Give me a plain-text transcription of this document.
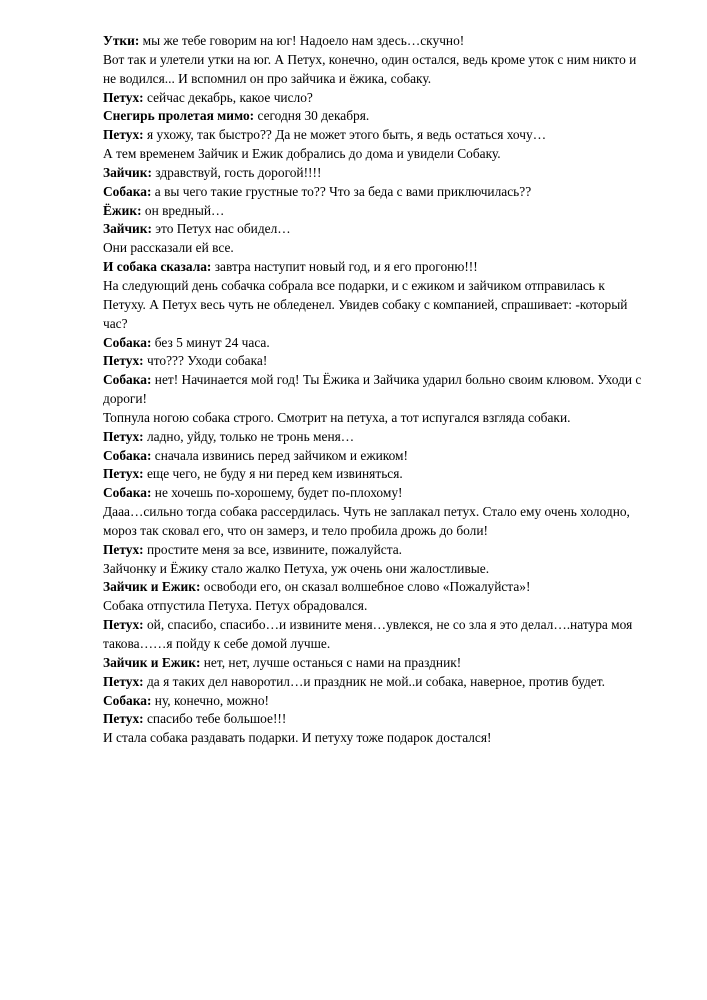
Утки: мы же тебе говорим на юг! Надоело нам здесь…скучно!

Вот так и улетели утки на юг. А Петух, конечно, один остался, ведь кроме уток с ним никто и не водился... И вспомнил он про зайчика и ёжика, собаку.

Петух: сейчас декабрь, какое число?

Снегирь пролетая мимо: сегодня 30 декабря.

Петух: я ухожу, так быстро?? Да не может этого быть, я ведь остаться хочу…

А тем временем Зайчик и Ежик добрались до дома и увидели Собаку.

Зайчик: здравствуй, гость дорогой!!!!

Собака: а вы чего такие грустные то?? Что за беда с вами приключилась??

Ёжик: он вредный…

Зайчик: это Петух нас обидел…

Они рассказали ей все.

И собака сказала: завтра наступит новый год, и я его прогоню!!!

На следующий день собачка собрала все подарки, и с ежиком и зайчиком отправилась к Петуху. А Петух весь чуть не обледенел. Увидев собаку с компанией, спрашивает: -который час?

Собака: без 5 минут 24 часа.

Петух: что??? Уходи собака!

Собака: нет! Начинается мой год! Ты Ёжика и Зайчика ударил больно своим клювом. Уходи с дороги!

Топнула ногою собака строго. Смотрит на петуха, а тот испугался взгляда собаки.

Петух: ладно, уйду, только не тронь меня…

Собака: сначала извинись перед зайчиком и ежиком!

Петух: еще чего, не буду я ни перед кем извиняться.

Собака: не хочешь по-хорошему, будет по-плохому!

Дааа…сильно тогда собака рассердилась. Чуть не заплакал петух. Стало ему очень холодно, мороз так сковал его, что он замерз, и тело пробила дрожь до боли!

Петух: простите меня за все, извините, пожалуйста.

Зайчонку и Ёжику стало жалко Петуха, уж очень они жалостливые.

Зайчик и Ежик: освободи его, он сказал волшебное слово «Пожалуйста»!

Собака отпустила Петуха. Петух обрадовался.

Петух: ой, спасибо, спасибо…и извините меня…увлекся, не со зла я это делал….натура моя такова……я пойду к себе домой лучше.

Зайчик и Ежик: нет, нет, лучше останься с нами на праздник!

Петух: да я таких дел наворотил…и праздник не мой..и собака, наверное, против будет.

Собака: ну, конечно, можно!

Петух: спасибо тебе большое!!!

И стала собака раздавать подарки. И петуху тоже подарок достался!
